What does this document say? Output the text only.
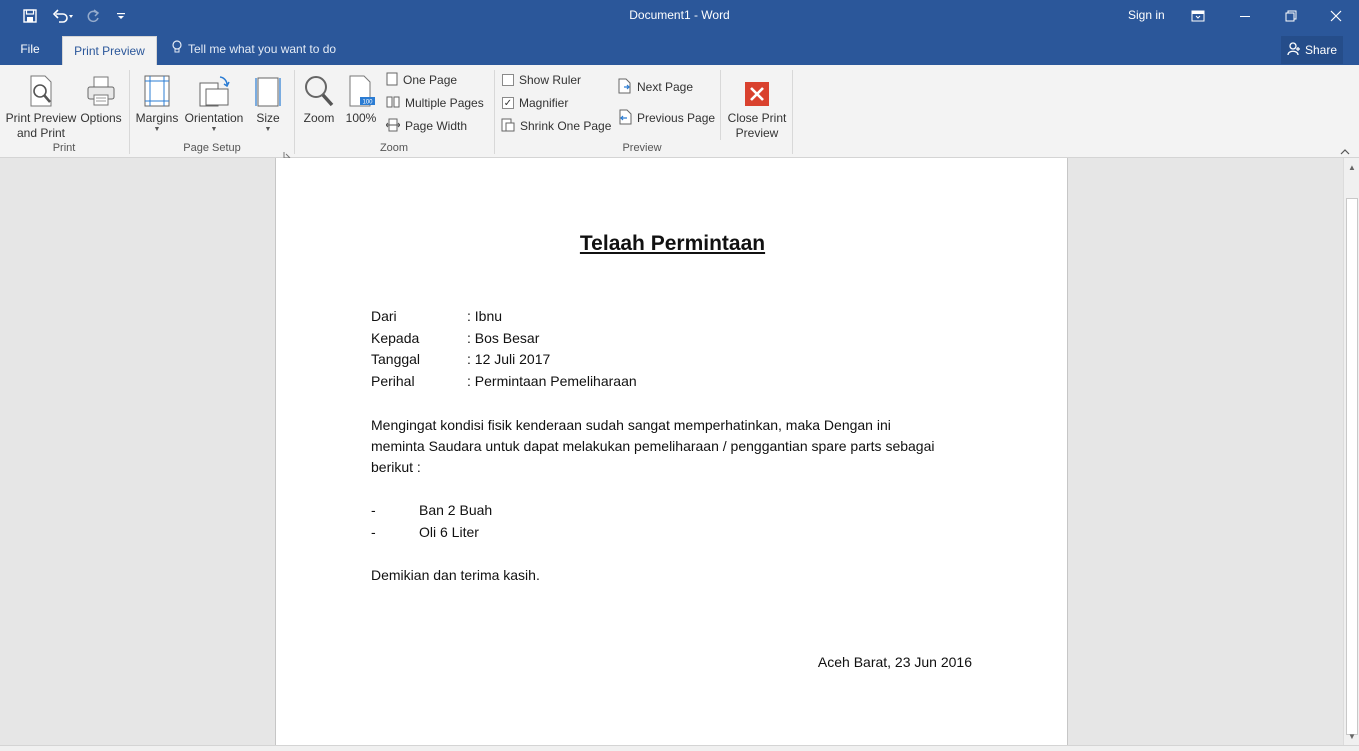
Document1 - Word	Sign in
File	Print Preview	Tell me what you want to do	Share
Print Preview
and Print
Options
Print
Margins
▼
Orientation
▼
Size
▼
Page Setup
Zoom
100
100%
One Page
Multiple Pages
Page Width
Zoom
Show Ruler
✓ Magnifier
Shrink One Page
Next Page
Previous Page
Preview
Close Print
Preview
Telaah Permintaan
Dari	: Ibnu
Kepada	: Bos Besar
Tanggal	: 12 Juli 2017
Perihal	: Permintaan Pemeliharaan
Mengingat kondisi fisik kenderaan sudah sangat memperhatinkan, maka Dengan ini
meminta Saudara untuk dapat melakukan pemeliharaan / penggantian spare parts sebagai
berikut :
-	Ban 2 Buah
-	Oli 6 Liter
Demikian dan terima kasih.
Aceh Barat, 23 Jun 2016
▲
▼
